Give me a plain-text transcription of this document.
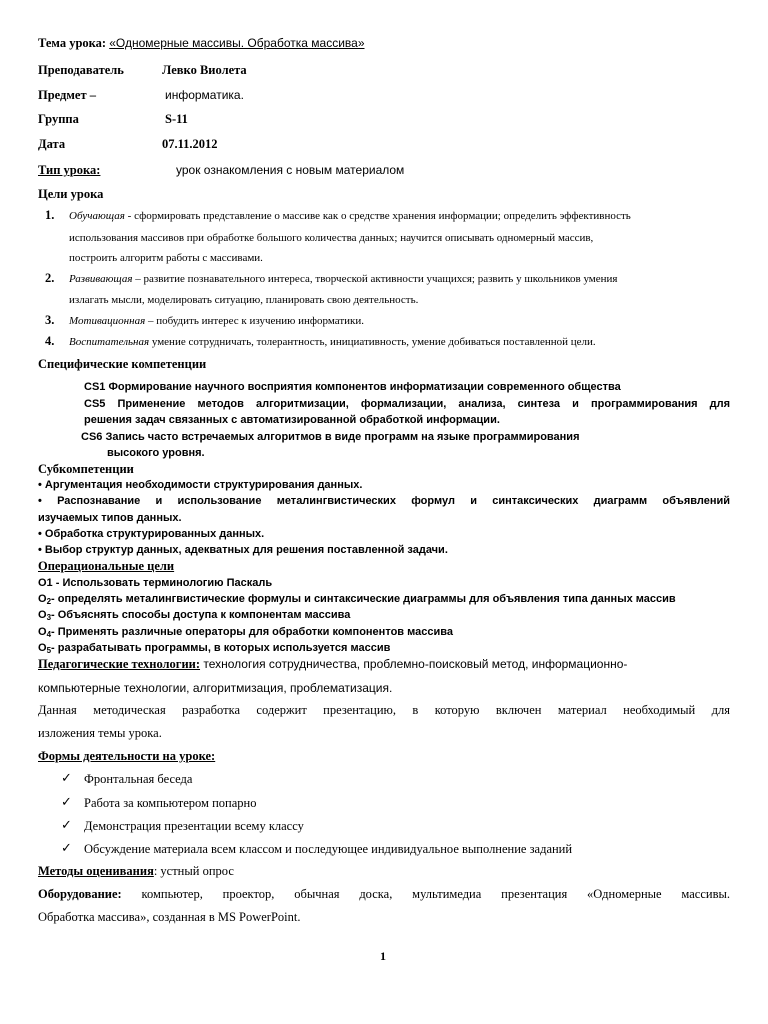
Тема урока: «Одномерные массивы. Обработка массива»
Преподаватель	Левко Виолета
Предмет –	информатика.
Группа	S-11
Дата	07.11.2012
Тип урока:	урок ознакомления с новым материалом
Цели урока
1. Обучающая - сформировать представление о массиве как о средстве хранения информации; определить эффективность
использования массивов при обработке большого количества данных; научится описывать одномерный массив,
построить алгоритм работы с массивами.
2. Развивающая – развитие познавательного интереса, творческой активности учащихся; развить у школьников умения
излагать мысли, моделировать ситуацию, планировать свою деятельность.
3. Мотивационная – побудить интерес к изучению информатики.
4. Воспитательная умение сотрудничать, толерантность, инициативность, умение добиваться поставленной цели.
Специфические компетенции
CS1 Формирование научного восприятия компонентов информатизации современного общества
CS5 Применение методов алгоритмизации, формализации, анализа, синтеза и программирования для
решения задач связанных с автоматизированной обработкой информации.
CS6 Запись часто встречаемых алгоритмов в виде программ на языке программирования
высокого уровня.
Субкомпетенции
• Аргументация необходимости структурирования данных.
• Распознавание и использование металингвистических формул и синтаксических диаграмм объявлений
изучаемых типов данных.
• Обработка структурированных данных.
• Выбор структур данных, адекватных для решения поставленной задачи.
Операциональные цели
O1 - Использовать терминологию Паскаль
$O_2-$ определять металингвистические формулы и синтаксические диаграммы для объявления типа данных массив
$O_3-$ Объяснять способы доступа к компонентам массива
$O_4-$ Применять различные операторы для обработки компонентов массива
$O_5-$ разрабатывать программы, в которых используется массив
Педагогические технологии: технология сотрудничества, проблемно-поисковый метод, информационно-
компьютерные технологии, алгоритмизация, проблематизация.
Данная методическая разработка содержит презентацию, в которую включен материал необходимый для
изложения темы урока.
Формы деятельности на уроке:
✓ Фронтальная беседа
✓ Работа за компьютером попарно
✓ Демонстрация презентации всему классу
✓ Обсуждение материала всем классом и последующее индивидуальное выполнение заданий
Методы оценивания: устный опрос
Оборудование: компьютер, проектор, обычная доска, мультимедиа презентация «Одномерные массивы.
Обработка массива», созданная в MS PowerPoint.
1
